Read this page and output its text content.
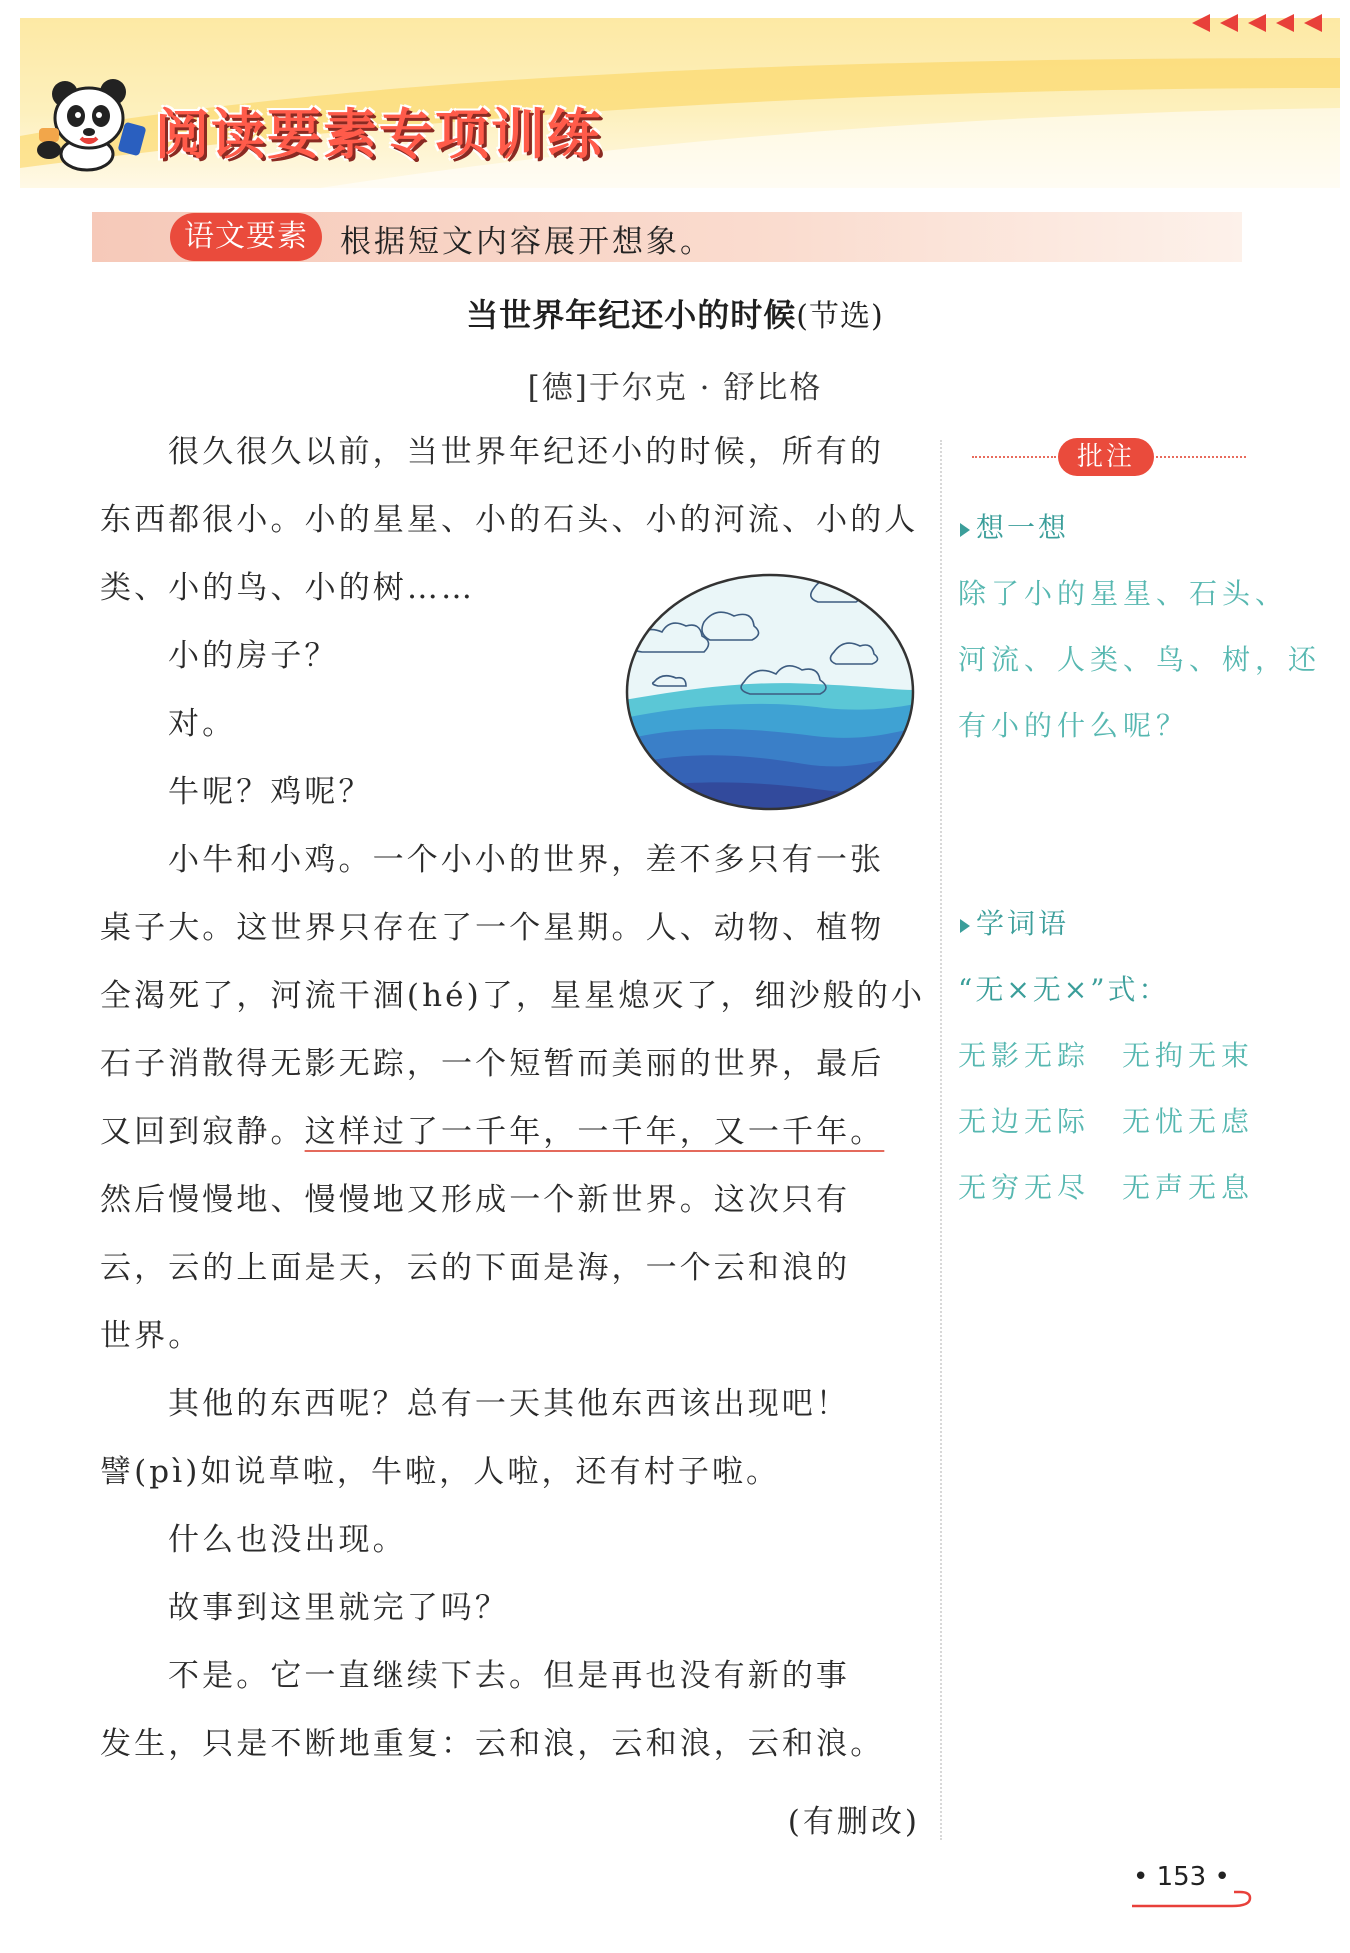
阅读要素专项训练
语文要素	根据短文内容展开想象。
当世界年纪还小的时候(节选)
[德]于尔克 · 舒比格
很久很久以前，当世界年纪还小的时候，所有的
东西都很小。小的星星、小的石头、小的河流、小的人
类、小的鸟、小的树……
小的房子？
对。
牛呢？鸡呢？
小牛和小鸡。一个小小的世界，差不多只有一张
桌子大。这世界只存在了一个星期。人、动物、植物
全渴死了，河流干涸(hé)了，星星熄灭了，细沙般的小
石子消散得无影无踪，一个短暂而美丽的世界，最后
又回到寂静。这样过了一千年，一千年，又一千年。
然后慢慢地、慢慢地又形成一个新世界。这次只有
云，云的上面是天，云的下面是海，一个云和浪的
世界。
其他的东西呢？总有一天其他东西该出现吧！
譬(pì)如说草啦，牛啦，人啦，还有村子啦。
什么也没出现。
故事到这里就完了吗？
不是。它一直继续下去。但是再也没有新的事
发生，只是不断地重复：云和浪，云和浪，云和浪。
(有删改)
批注
想一想
除了小的星星、石头、
河流、人类、鸟、树，还
有小的什么呢？
学词语
“无×无×”式：
无影无踪 无拘无束
无边无际 无忧无虑
无穷无尽 无声无息
• 153 •
